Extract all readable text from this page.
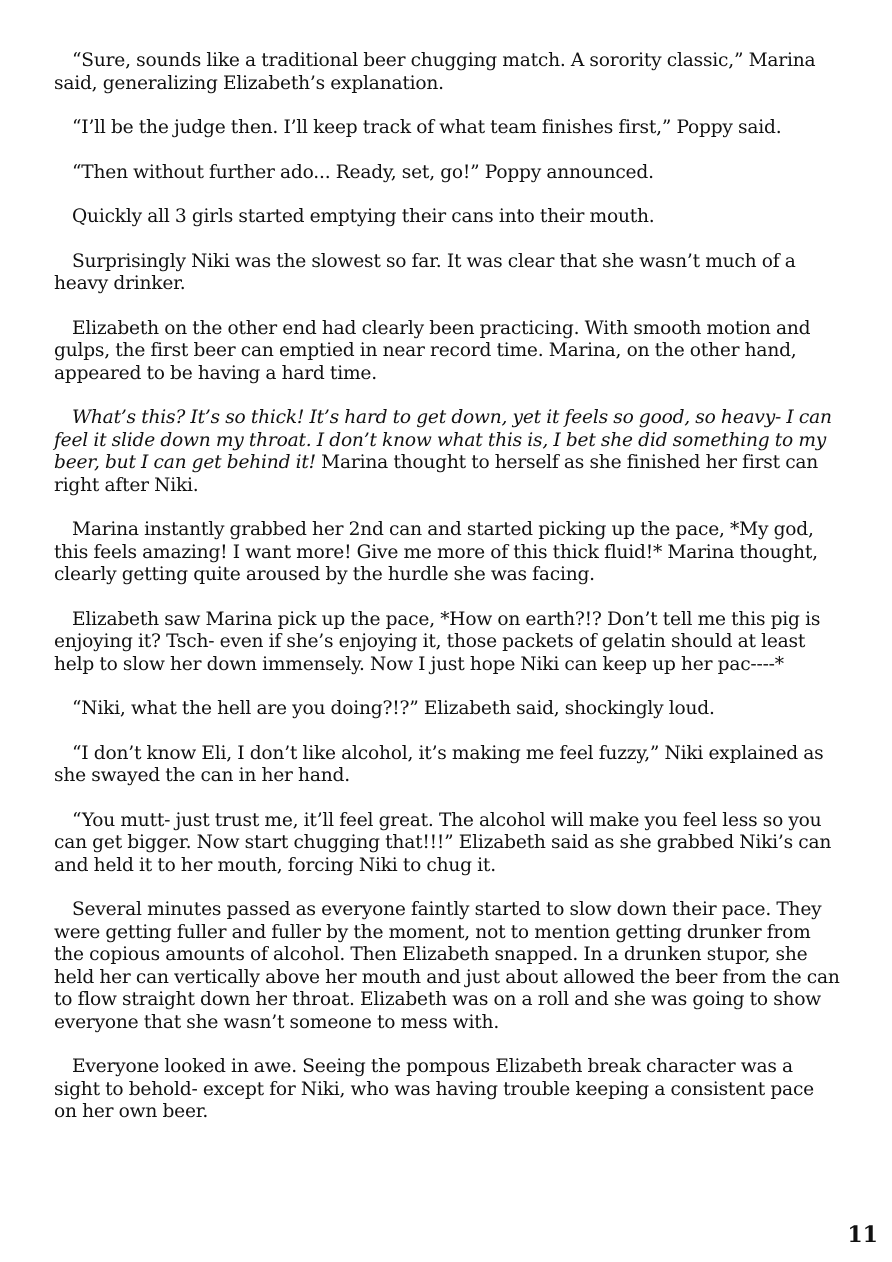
“Sure, sounds like a traditional beer chugging match. A sorority classic,” Marina said, generalizing Elizabeth’s explanation.

“I’ll be the judge then. I’ll keep track of what team finishes first,” Poppy said.

“Then without further ado... Ready, set, go!” Poppy announced.

Quickly all 3 girls started emptying their cans into their mouth.

Surprisingly Niki was the slowest so far. It was clear that she wasn’t much of a heavy drinker.

Elizabeth on the other end had clearly been practicing. With smooth motion and gulps, the first beer can emptied in near record time. Marina, on the other hand, appeared to be having a hard time.

What’s this? It’s so thick! It’s hard to get down, yet it feels so good, so heavy- I can feel it slide down my throat. I don’t know what this is, I bet she did something to my beer, but I can get behind it! Marina thought to herself as she finished her first can right after Niki.

Marina instantly grabbed her 2nd can and started picking up the pace, *My god, this feels amazing! I want more! Give me more of this thick fluid!* Marina thought, clearly getting quite aroused by the hurdle she was facing.

Elizabeth saw Marina pick up the pace, *How on earth?!? Don’t tell me this pig is enjoying it? Tsch- even if she’s enjoying it, those packets of gelatin should at least help to slow her down immensely. Now I just hope Niki can keep up her pac----*

“Niki, what the hell are you doing?!?” Elizabeth said, shockingly loud.

“I don’t know Eli, I don’t like alcohol, it’s making me feel fuzzy,” Niki explained as she swayed the can in her hand.

“You mutt- just trust me, it’ll feel great. The alcohol will make you feel less so you can get bigger. Now start chugging that!!!” Elizabeth said as she grabbed Niki’s can and held it to her mouth, forcing Niki to chug it.

Several minutes passed as everyone faintly started to slow down their pace. They were getting fuller and fuller by the moment, not to mention getting drunker from the copious amounts of alcohol. Then Elizabeth snapped. In a drunken stupor, she held her can vertically above her mouth and just about allowed the beer from the can to flow straight down her throat. Elizabeth was on a roll and she was going to show everyone that she wasn’t someone to mess with.

Everyone looked in awe. Seeing the pompous Elizabeth break character was a sight to behold- except for Niki, who was having trouble keeping a consistent pace on her own beer.

11
